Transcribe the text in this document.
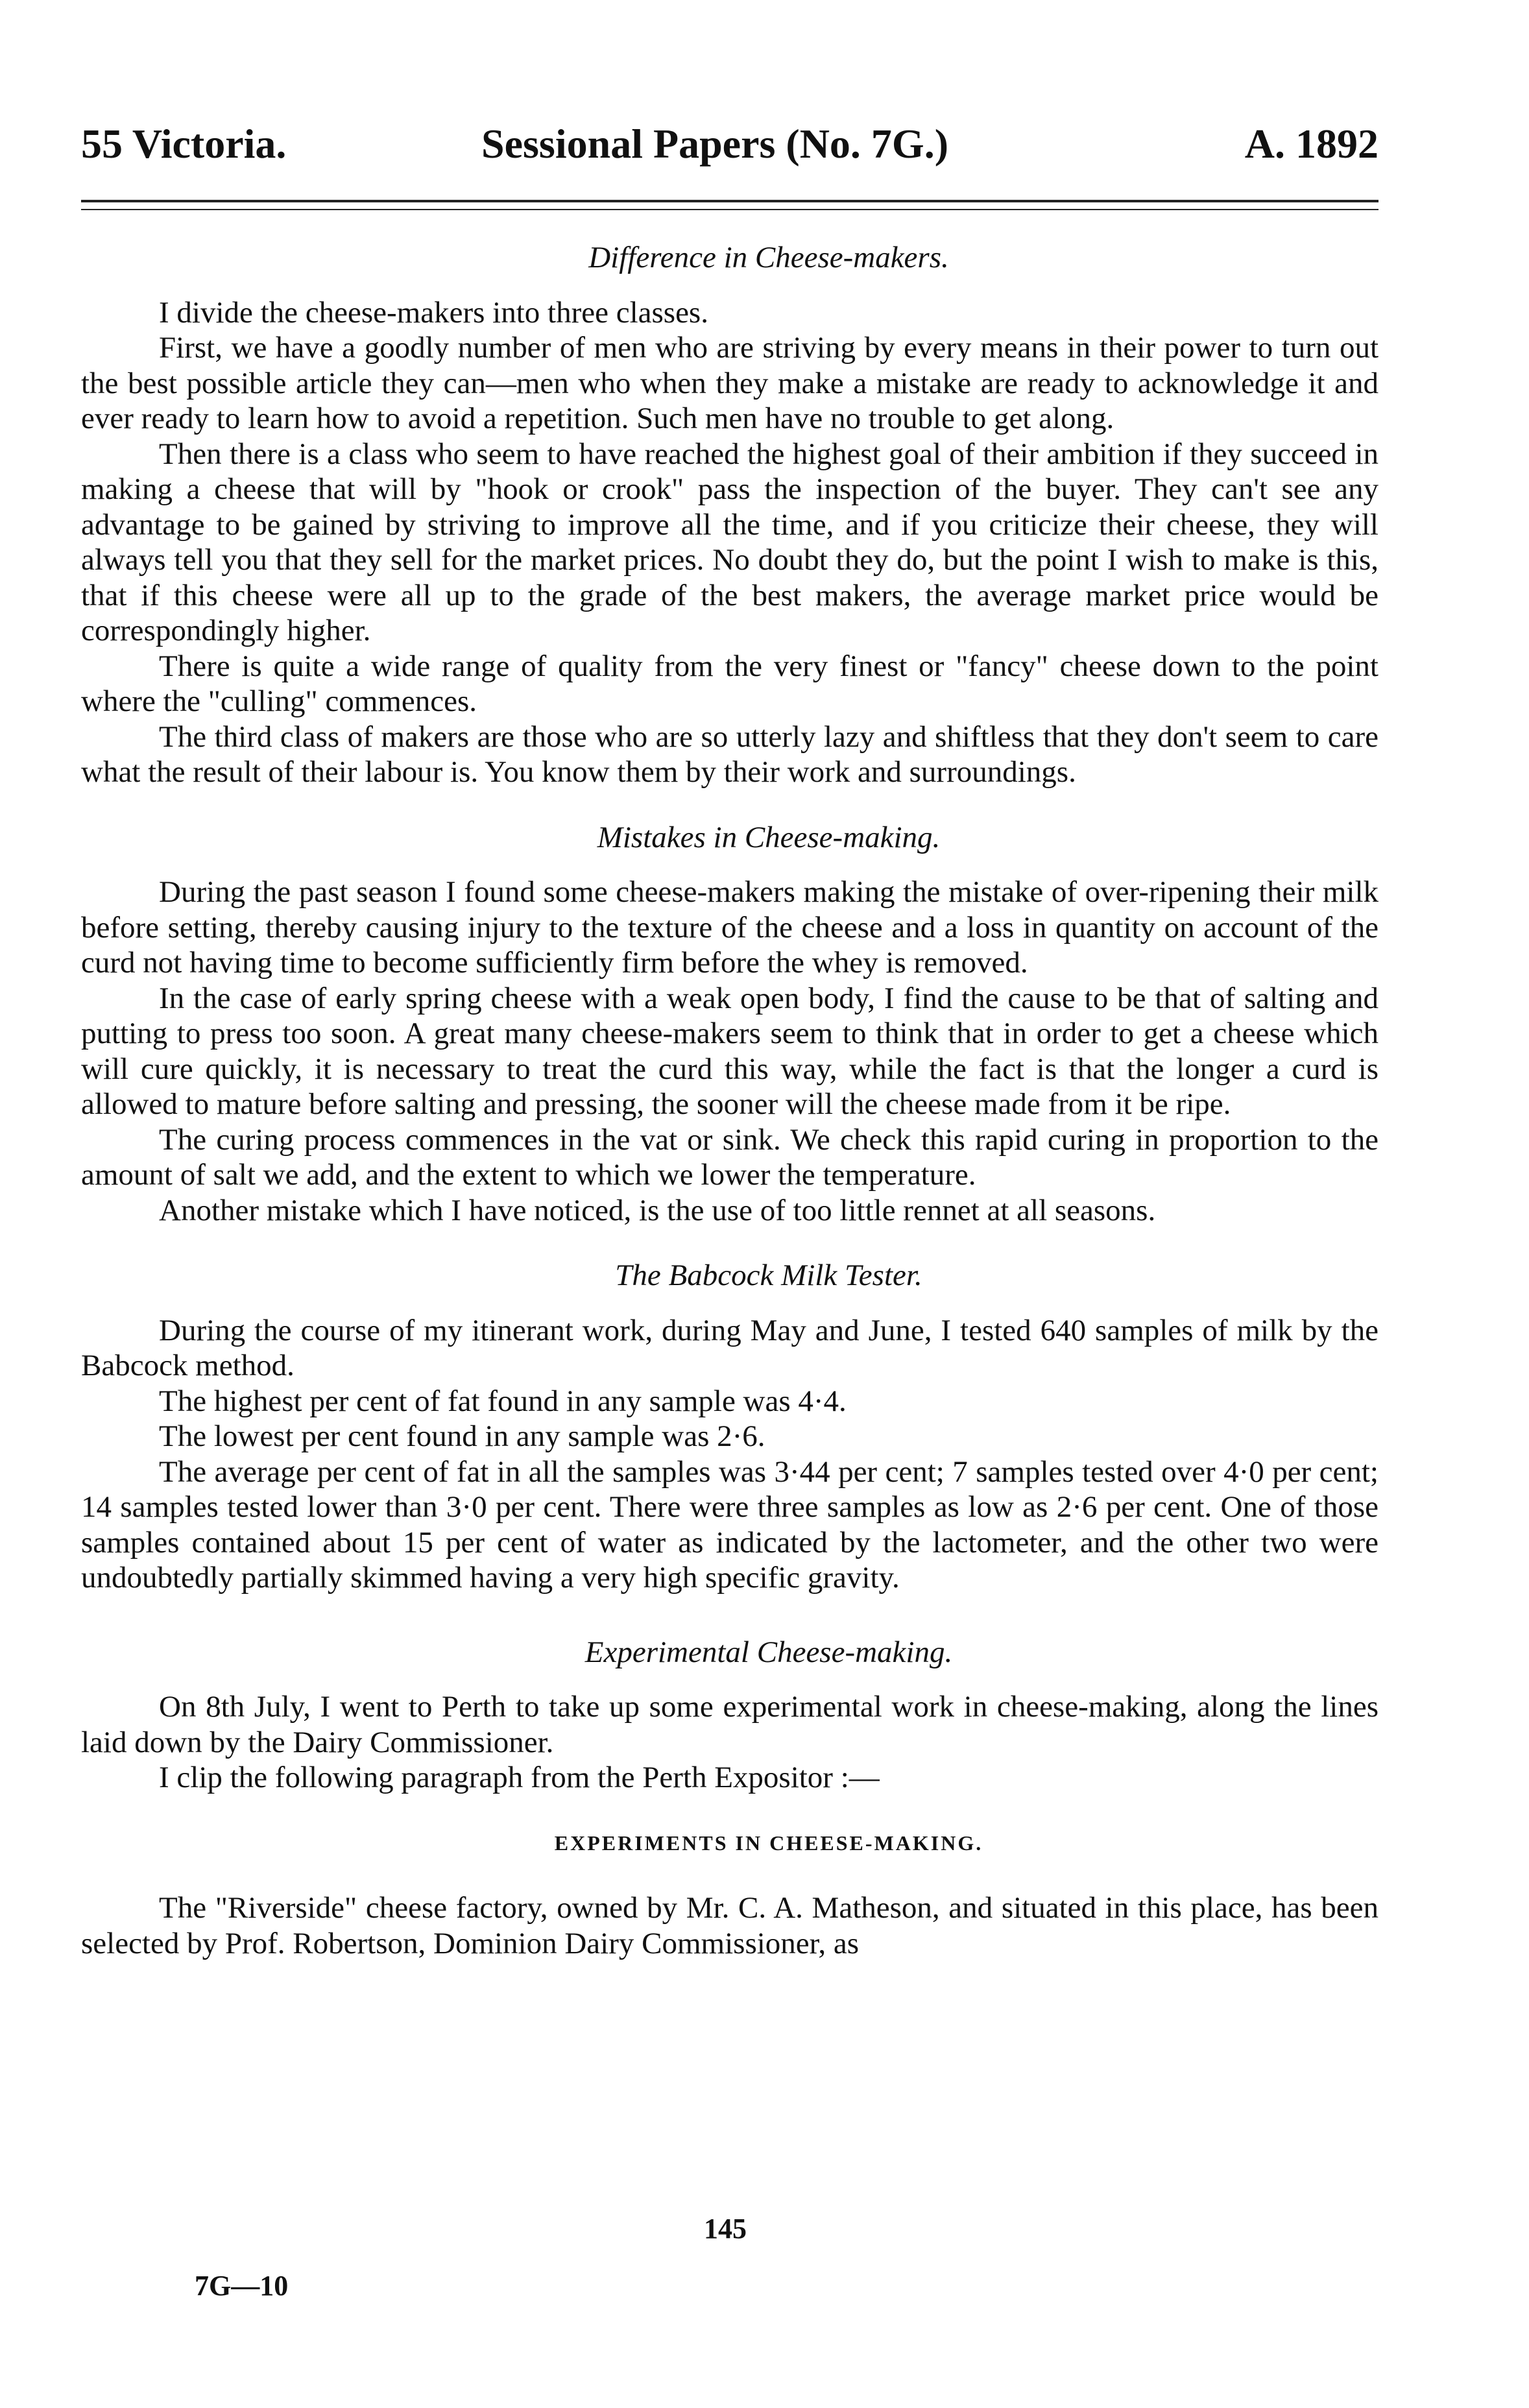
55 Victoria.	Sessional Papers (No. 7G.)	A. 1892

Difference in Cheese-makers.

I divide the cheese-makers into three classes.

First, we have a goodly number of men who are striving by every means in their power to turn out the best possible article they can—men who when they make a mistake are ready to acknowledge it and ever ready to learn how to avoid a repetition. Such men have no trouble to get along.

Then there is a class who seem to have reached the highest goal of their ambition if they succeed in making a cheese that will by "hook or crook" pass the inspection of the buyer. They can't see any advantage to be gained by striving to improve all the time, and if you criticize their cheese, they will always tell you that they sell for the market prices. No doubt they do, but the point I wish to make is this, that if this cheese were all up to the grade of the best makers, the average market price would be correspondingly higher.

There is quite a wide range of quality from the very finest or "fancy" cheese down to the point where the "culling" commences.

The third class of makers are those who are so utterly lazy and shiftless that they don't seem to care what the result of their labour is. You know them by their work and surroundings.

Mistakes in Cheese-making.

During the past season I found some cheese-makers making the mistake of over-ripening their milk before setting, thereby causing injury to the texture of the cheese and a loss in quantity on account of the curd not having time to become sufficiently firm before the whey is removed.

In the case of early spring cheese with a weak open body, I find the cause to be that of salting and putting to press too soon. A great many cheese-makers seem to think that in order to get a cheese which will cure quickly, it is necessary to treat the curd this way, while the fact is that the longer a curd is allowed to mature before salting and pressing, the sooner will the cheese made from it be ripe.

The curing process commences in the vat or sink. We check this rapid curing in proportion to the amount of salt we add, and the extent to which we lower the temperature.

Another mistake which I have noticed, is the use of too little rennet at all seasons.

The Babcock Milk Tester.

During the course of my itinerant work, during May and June, I tested 640 samples of milk by the Babcock method.

The highest per cent of fat found in any sample was 4·4.

The lowest per cent found in any sample was 2·6.

The average per cent of fat in all the samples was 3·44 per cent; 7 samples tested over 4·0 per cent; 14 samples tested lower than 3·0 per cent. There were three samples as low as 2·6 per cent. One of those samples contained about 15 per cent of water as indicated by the lactometer, and the other two were undoubtedly partially skimmed having a very high specific gravity.

Experimental Cheese-making.

On 8th July, I went to Perth to take up some experimental work in cheese-making, along the lines laid down by the Dairy Commissioner.

I clip the following paragraph from the Perth Expositor :—

EXPERIMENTS IN CHEESE-MAKING.

The "Riverside" cheese factory, owned by Mr. C. A. Matheson, and situated in this place, has been selected by Prof. Robertson, Dominion Dairy Commissioner, as

145
7G—10
